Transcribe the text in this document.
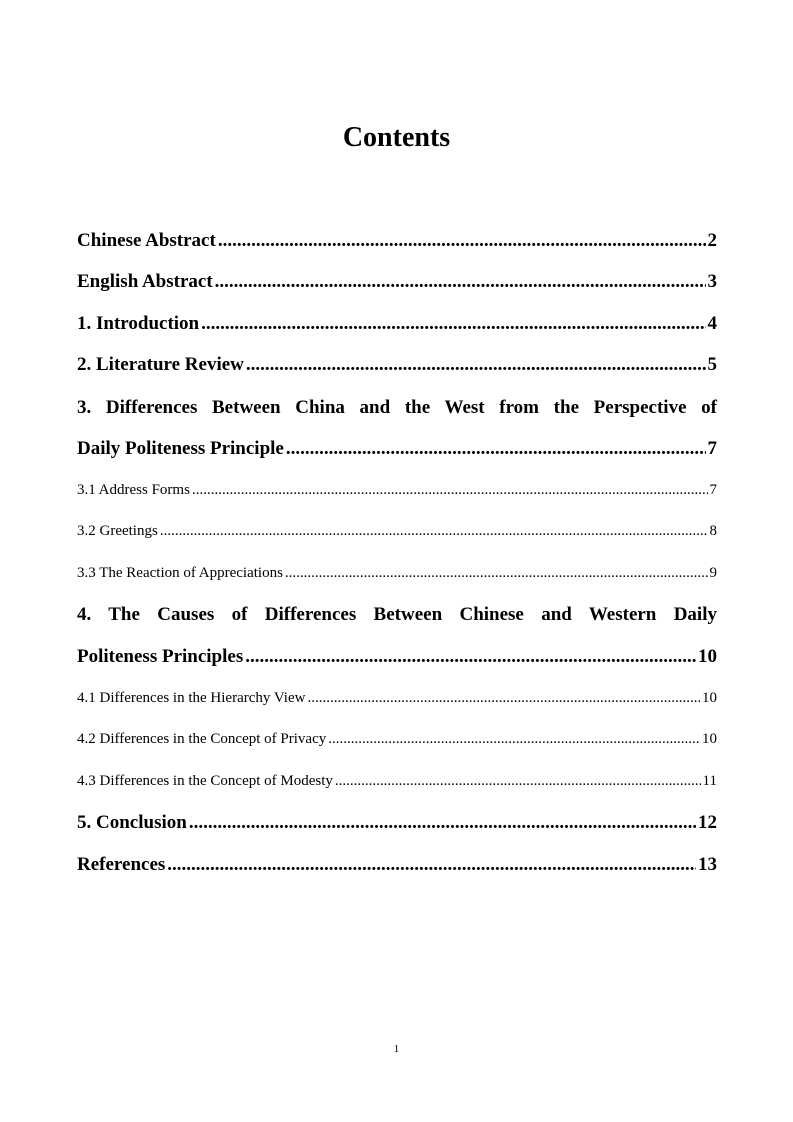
Contents
Chinese Abstract .....	2
English Abstract .....	3
1. Introduction .....	4
2. Literature Review .....	5
3. Differences Between China and the West from the Perspective of
Daily Politeness Principle .....	7
3.1 Address Forms .....	7
3.2 Greetings .....	8
3.3 The Reaction of Appreciations .....	9
4. The Causes of Differences Between Chinese and Western Daily
Politeness Principles .....	10
4.1 Differences in the Hierarchy View .....	10
4.2 Differences in the Concept of Privacy .....	10
4.3 Differences in the Concept of Modesty .....	11
5. Conclusion .....	12
References .....	13
1
